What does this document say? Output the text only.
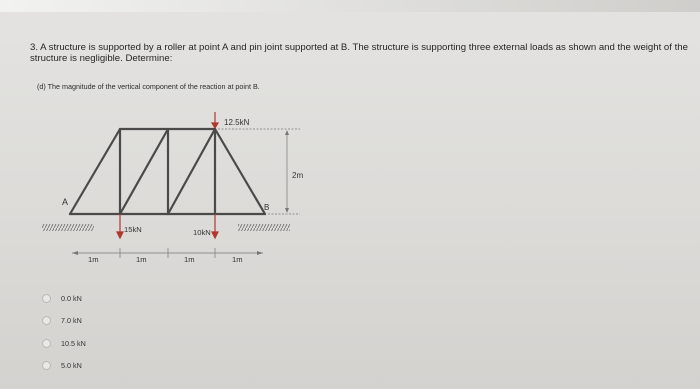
3. A structure is supported by a roller at point A and pin joint supported at B. The structure is supporting three external loads as shown and the weight of the structure is negligible. Determine:
(d) The magnitude of the vertical component of the reaction at point B.
A
B
12.5kN
15kN	10kN
2m
1m	1m	1m	1m
0.0 kN
7.0 kN
10.5 kN
5.0 kN
